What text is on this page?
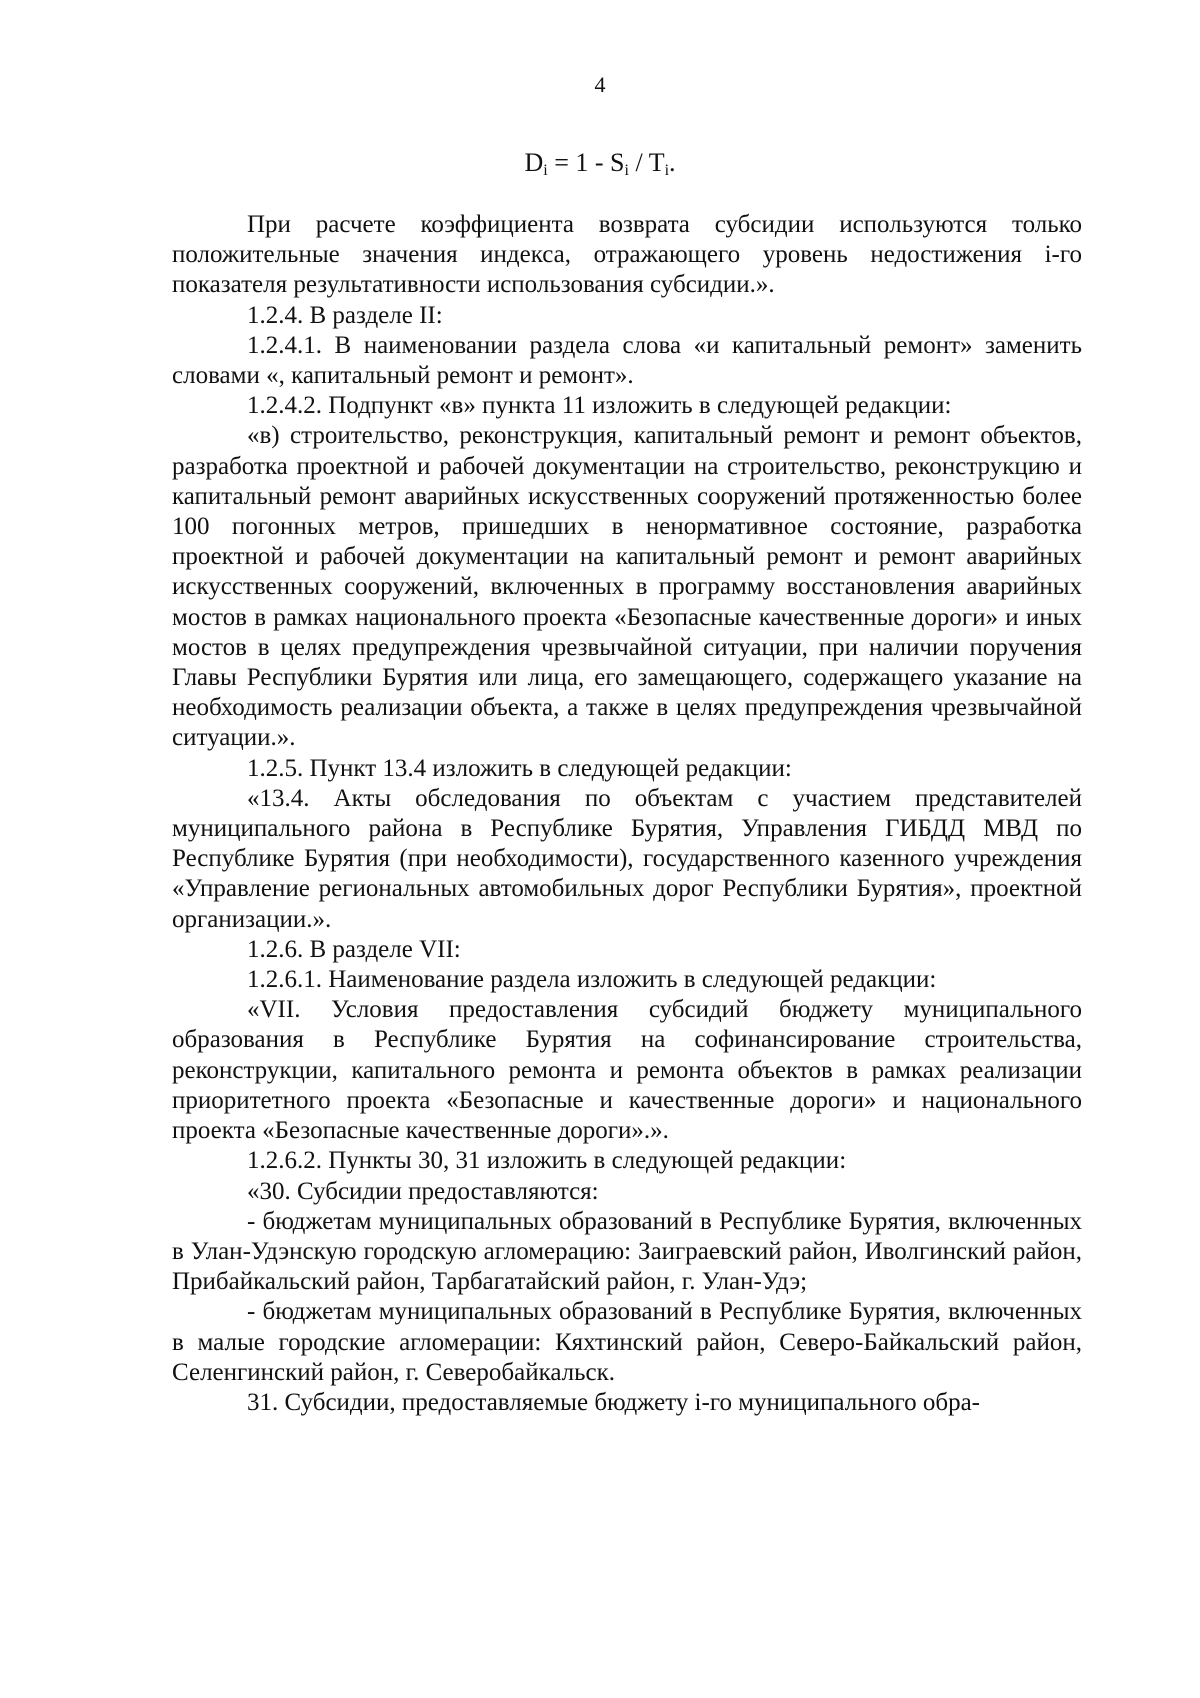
4
$D_i = 1 - S_i / T_i$.

При расчете коэффициента возврата субсидии используются только положительные значения индекса, отражающего уровень недостижения i-го показателя результативности использования субсидии.».

1.2.4. В разделе II:

1.2.4.1. В наименовании раздела слова «и капитальный ремонт» заменить словами «, капитальный ремонт и ремонт».

1.2.4.2. Подпункт «в» пункта 11 изложить в следующей редакции:

«в) строительство, реконструкция, капитальный ремонт и ремонт объектов, разработка проектной и рабочей документации на строительство, реконструкцию и капитальный ремонт аварийных искусственных сооружений протяженностью более 100 погонных метров, пришедших в ненормативное состояние, разработка проектной и рабочей документации на капитальный ремонт и ремонт аварийных искусственных сооружений, включенных в программу восстановления аварийных мостов в рамках национального проекта «Безопасные качественные дороги» и иных мостов в целях предупреждения чрезвычайной ситуации, при наличии поручения Главы Республики Бурятия или лица, его замещающего, содержащего указание на необходимость реализации объекта, а также в целях предупреждения чрезвычайной ситуации.».

1.2.5. Пункт 13.4 изложить в следующей редакции:

«13.4. Акты обследования по объектам с участием представителей муниципального района в Республике Бурятия, Управления ГИБДД МВД по Республике Бурятия (при необходимости), государственного казенного учреждения «Управление региональных автомобильных дорог Республики Бурятия», проектной организации.».

1.2.6. В разделе VII:

1.2.6.1. Наименование раздела изложить в следующей редакции:

«VII. Условия предоставления субсидий бюджету муниципального образования в Республике Бурятия на софинансирование строительства, реконструкции, капитального ремонта и ремонта объектов в рамках реализации приоритетного проекта «Безопасные и качественные дороги» и национального проекта «Безопасные качественные дороги».».

1.2.6.2. Пункты 30, 31 изложить в следующей редакции:

«30. Субсидии предоставляются:

- бюджетам муниципальных образований в Республике Бурятия, включенных в Улан-Удэнскую городскую агломерацию: Заиграевский район, Иволгинский район, Прибайкальский район, Тарбагатайский район, г. Улан-Удэ;

- бюджетам муниципальных образований в Республике Бурятия, включенных в малые городские агломерации: Кяхтинский район, Северо-Байкальский район, Селенгинский район, г. Северобайкальск.

31. Субсидии, предоставляемые бюджету i-го муниципального обра-
